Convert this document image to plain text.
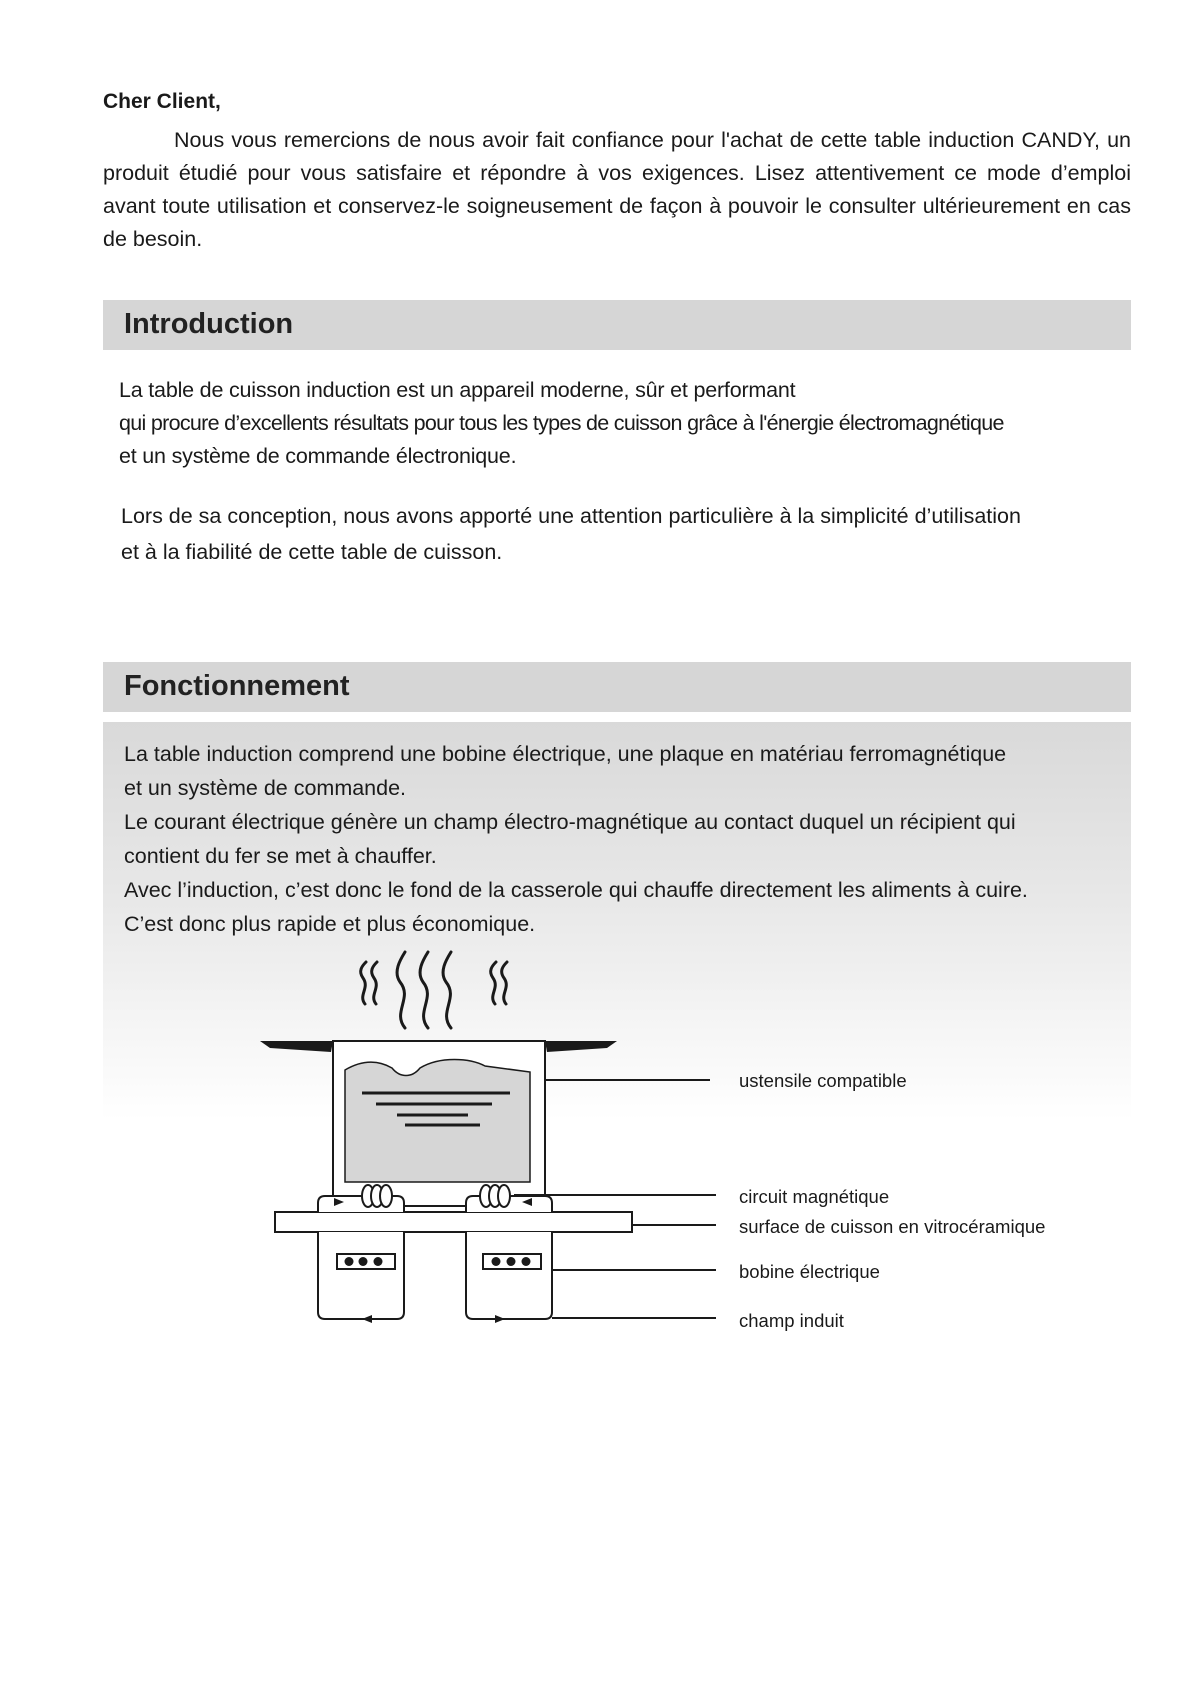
Cher Client,

Nous vous remercions de nous avoir fait confiance pour l'achat de cette table induction CANDY, un produit étudié pour vous satisfaire et répondre à vos exigences. Lisez attentivement ce mode d’emploi avant toute utilisation et conservez-le soigneusement de façon à pouvoir le consulter ultérieurement en cas de besoin.

Introduction

La table de cuisson induction est un appareil moderne, sûr et performant
qui procure d’excellents résultats pour tous les types de cuisson grâce à l'énergie électromagnétique
et un système de commande électronique.

Lors de sa conception, nous avons apporté une attention particulière à la simplicité d’utilisation
et à la fiabilité de cette table de cuisson.

Fonctionnement

La table induction comprend une bobine électrique, une plaque en matériau ferromagnétique
et un système de commande.
Le courant électrique génère un champ électro-magnétique au contact duquel un récipient qui
contient du fer se met à chauffer.
Avec l’induction, c’est donc le fond de la casserole qui chauffe directement les aliments à cuire.
C’est donc plus rapide et plus économique.

ustensile compatible
circuit magnétique
surface de cuisson en vitrocéramique
bobine électrique
champ induit
